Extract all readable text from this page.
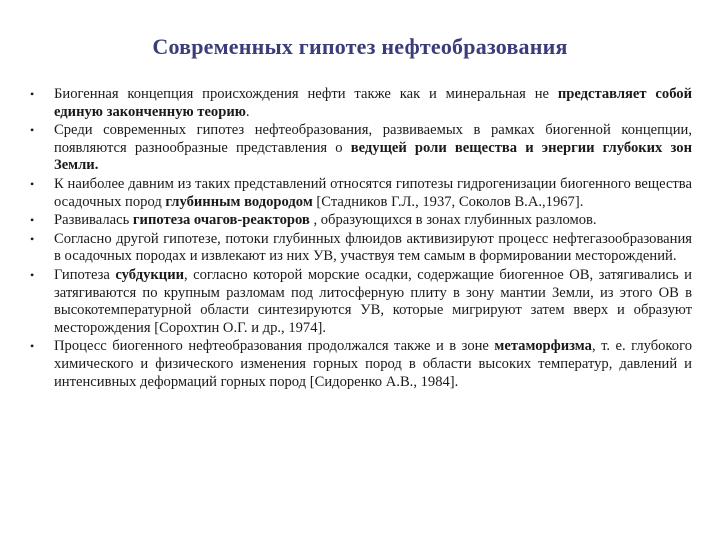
Современных гипотез нефтеобразования
• Биогенная концепция происхождения нефти также как и минеральная не представляет собой единую законченную теорию.
• Среди современных гипотез нефтеобразования, развиваемых в рамках биогенной концепции, появляются разнообразные представления о ведущей роли вещества и энергии глубоких зон Земли.
• К наиболее давним из таких представлений относятся гипотезы гидрогенизации биогенного вещества осадочных пород глубинным водородом [Стадников Г.Л., 1937, Соколов В.А.,1967].
• Развивалась гипотеза очагов-реакторов , образующихся в зонах глубинных разломов.
• Согласно другой гипотезе, потоки глубинных флюидов активизируют процесс нефтегазообразования в осадочных породах и извлекают из них УВ, участвуя тем самым в формировании месторождений.
• Гипотеза субдукции, согласно которой морские осадки, содержащие биогенное ОВ, затягивались и затягиваются по крупным разломам под литосферную плиту в зону мантии Земли, из этого ОВ в высокотемпературной области синтезируются УВ, которые мигрируют затем вверх и образуют месторождения [Сорохтин О.Г. и др., 1974].
• Процесс биогенного нефтеобразования продолжался также и в зоне метаморфизма, т. е. глубокого химического и физического изменения горных пород в области высоких температур, давлений и интенсивных деформаций горных пород [Сидоренко А.В., 1984].
